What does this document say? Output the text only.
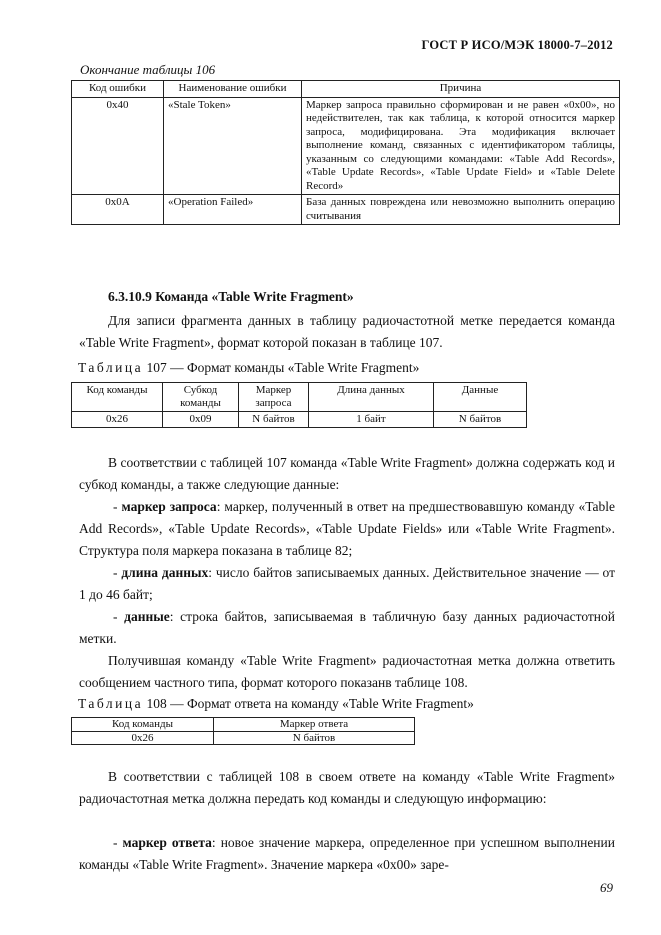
ГОСТ Р ИСО/МЭК 18000-7–2012
Окончание таблицы 106
Код ошибки	Наименование ошибки	Причина
0x40	«Stale Token»	Маркер запроса правильно сформирован и не равен «0x00», но недействителен, так как таблица, к которой относится маркер запроса, модифицирована. Эта модификация включает выполнение команд, связанных с идентификатором таблицы, указанным со следующими командами: «Table Add Records», «Table Update Records», «Table Update Field» и «Table Delete Record»
0x0A	«Operation Failed»	База данных повреждена или невозможно выполнить операцию считывания
6.3.10.9 Команда «Table Write Fragment»

Для записи фрагмента данных в таблицу радиочастотной метке передается команда «Table Write Fragment», формат которой показан в таблице 107.

Таблица 107 — Формат команды «Table Write Fragment»
Код команды	Субкод команды	Маркер запроса	Длина данных	Данные
0x26	0x09	N байтов	1 байт	N байтов

В соответствии с таблицей 107 команда «Table Write Fragment» должна содержать код и субкод команды, а также следующие данные:

- маркер запроса: маркер, полученный в ответ на предшествовавшую команду «Table Add Records», «Table Update Records», «Table Update Fields» или «Table Write Fragment». Структура поля маркера показана в таблице 82;

- длина данных: число байтов записываемых данных. Действительное значение — от 1 до 46 байт;

- данные: строка байтов, записываемая в табличную базу данных радиочастотной метки.

Получившая команду «Table Write Fragment» радиочастотная метка должна ответить сообщением частного типа, формат которого показанв таблице 108.

Таблица 108 — Формат ответа на команду «Table Write Fragment»
Код команды	Маркер ответа
0x26	N байтов

В соответствии с таблицей 108 в своем ответе на команду «Table Write Fragment» радиочастотная метка должна передать код команды и следующую информацию:

- маркер ответа: новое значение маркера, определенное при успешном выполнении команды «Table Write Fragment». Значение маркера «0x00» заре-

69
